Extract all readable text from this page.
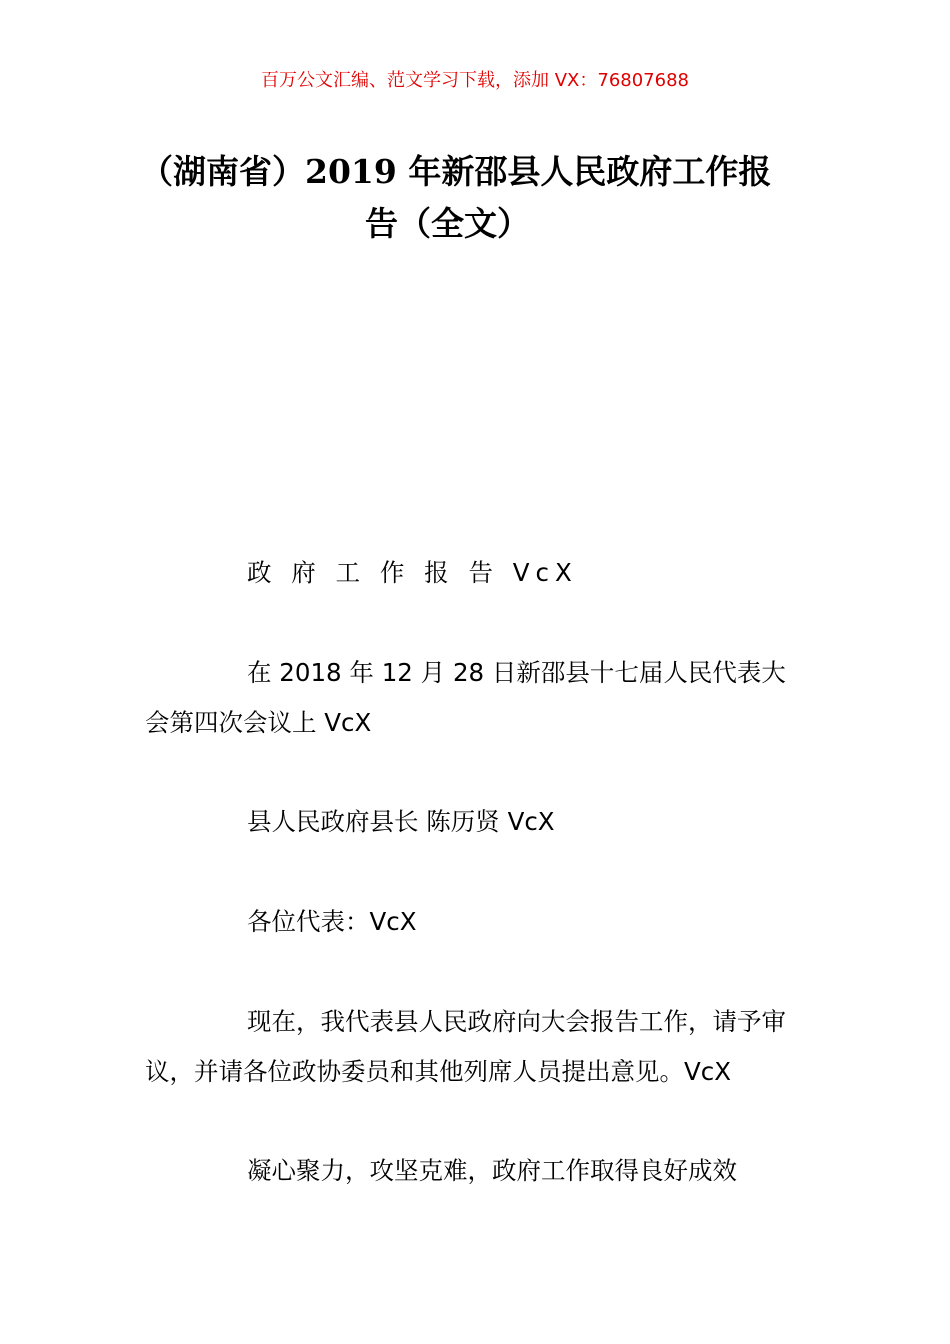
百万公文汇编、范文学习下载，添加 VX：76807688
（湖南省）2019 年新邵县人民政府工作报
告（全文）

政 府 工 作 报 告 VcX

在 2018 年 12 月 28 日新邵县十七届人民代表大会第四次会议上 VcX

县人民政府县长 陈历贤 VcX

各位代表：VcX

现在，我代表县人民政府向大会报告工作，请予审议，并请各位政协委员和其他列席人员提出意见。VcX

凝心聚力，攻坚克难，政府工作取得良好成效
